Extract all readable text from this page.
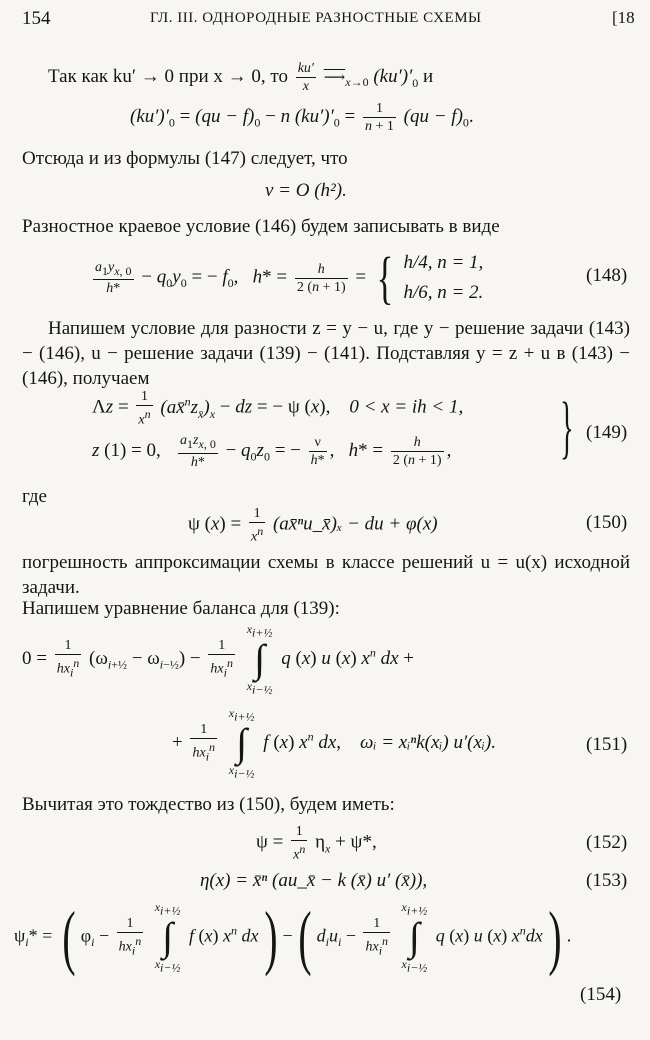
154	ГЛ. III. ОДНОРОДНЫЕ РАЗНОСТНЫЕ СХЕМЫ	[18
Так как ku′ → 0 при x → 0, то $\frac{ku'}{x}$ $⟶_{x\to 0}$ $(ku')'_0$ и
$(ku')'_0 = (qu - f)_0 - n$ $(ku')'_0 = \frac{1}{n + 1} (qu - f)_0$.
Отсюда и из формулы (147) следует, что
ν = O (h²).
Разностное краевое условие (146) будем записывать в виде
$\frac{a_1y_{x, 0}}{h*} - q_0y_0$ = − $f_0$,   $h* = \frac{h}{2 (n + 1)}$ = { h/4, n = 1,
h/6, n = 2.
(148)
Напишем условие для разности z = y − u, где y − решение задачи (143) − (146), u − решение задачи (139) − (141). Подставляя y = z + u в (143) − (146), получаем
$\Lambda z = \frac{1}{x^n}$ $(ax̄^nz_{x̄})_x$ − dz = − ψ (x),    0 < x = ih < 1,
z (1) = 0, $\frac{a_1z_{x, 0}}{h*} - q_0z_0$ = − $\frac{\nu}{h*}$ ,   $h* = \frac{h}{2 (n + 1)}$ , } (149)
где
ψ $(x) = \frac{1}{x^n}$ (ax̄ⁿu_x̄)ₓ − du + φ(x)	(150)
погрешность аппроксимации схемы в классе решений u = u(x) исходной задачи.
Напишем уравнение баланса для (139):
$0 = \frac{1}{hx_i^n} (\omega_{i+\frac{1}{2}} - \omega_{i-\frac{1}{2}}) - \frac{1}{hx_i^n}$

$x_{i+\frac{1}{2}}$
∫
$x_{i-\frac{1}{2}}$
q (x) u (x) $x^n$ dx +
+ $\frac{1}{hx_i^n}$

$x_{i+\frac{1}{2}}$
∫
$x_{i-\frac{1}{2}}$
f (x) $x^n$ dx,    ωᵢ = xᵢⁿk(xᵢ) u′(xᵢ).	(151)
Вычитая это тождество из (150), будем иметь:
$\psi = \frac{1}{x^n} \eta_x + \psi*$,	(152)
η(x) = x̄ⁿ (au_x̄ − k (x̄) u′ (x̄)),	(153)
$\psi_i*$ = ( $\varphi_i - \frac{1}{hx_i^n}$

$x_{i+\frac{1}{2}}$
∫
$x_{i-\frac{1}{2}}$
f (x) $x^n$ dx) −( $d_iu_i - \frac{1}{hx_i^n}$

$x_{i+\frac{1}{2}}$
∫
$x_{i-\frac{1}{2}}$
q (x) u (x) $x^ndx$) .
(154)
